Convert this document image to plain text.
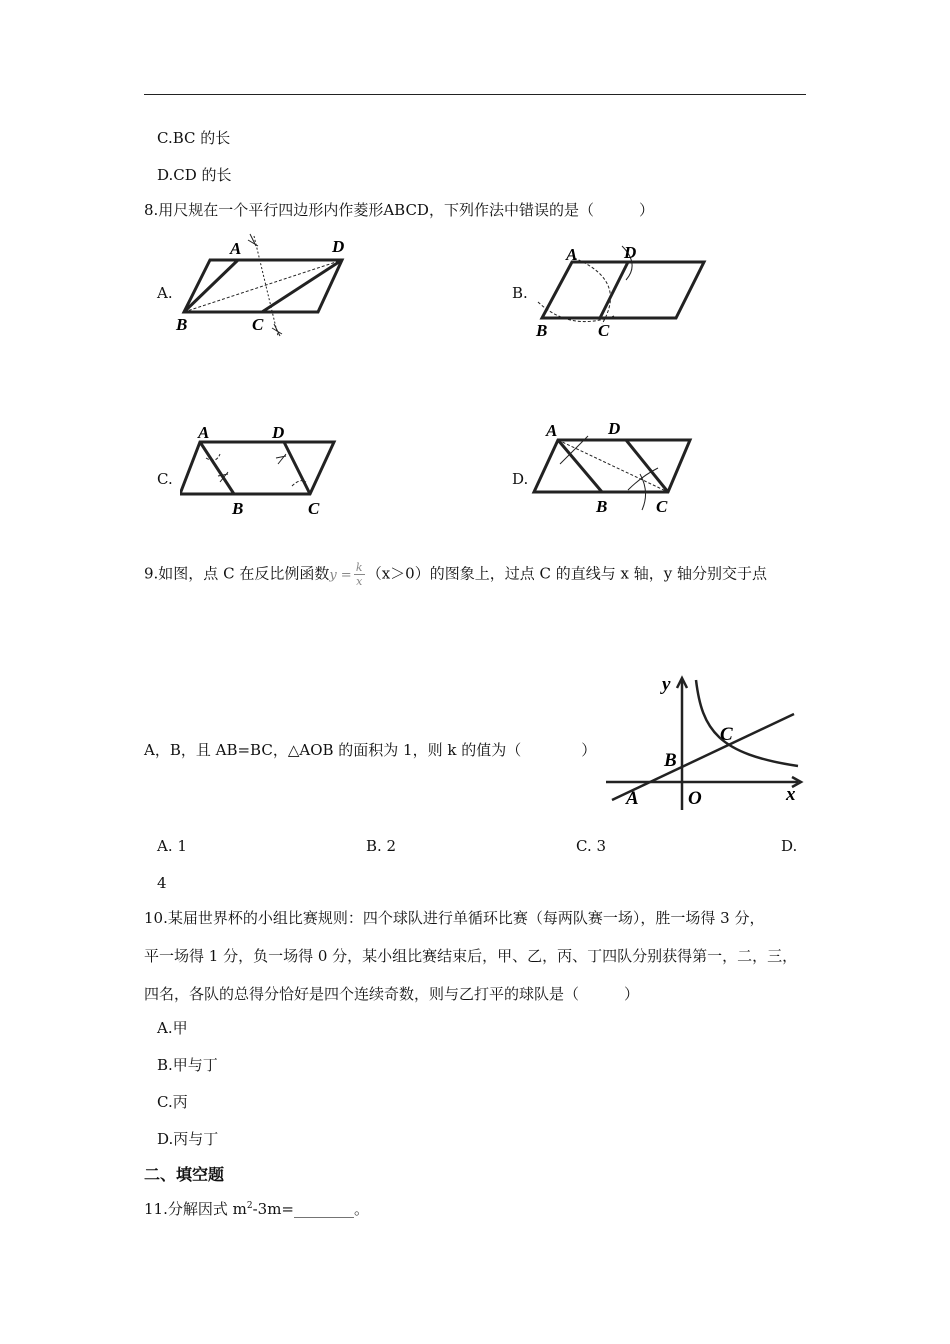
C.BC 的长
D.CD 的长
8.用尺规在一个平行四边形内作菱形ABCD，下列作法中错误的是（　　　）
A.
A	D
B	C
B.
A	D
B	C
C.
A	D
B	C
D.
A	D
B	C
9.如图，点 C 在反比例函数$y = \frac{k}{x} (x>0)$的图象上，过点 C 的直线与 x 轴，y 轴分别交于点
A，B，且 AB=BC，△AOB 的面积为 1，则 k 的值为（　　　　）
y
x
O
A
B
C
A. 1	B. 2	C. 3	D.
4
10.某届世界杯的小组比赛规则：四个球队进行单循环比赛（每两队赛一场），胜一场得 3 分，
平一场得 1 分，负一场得 0 分，某小组比赛结束后，甲、乙，丙、丁四队分别获得第一，二，三，
四名，各队的总得分恰好是四个连续奇数，则与乙打平的球队是（　　　）
A.甲
B.甲与丁
C.丙
D.丙与丁
二、填空题
11.分解因式 $m^2-3m=\_\_\_\_\_\_\_\_$。
